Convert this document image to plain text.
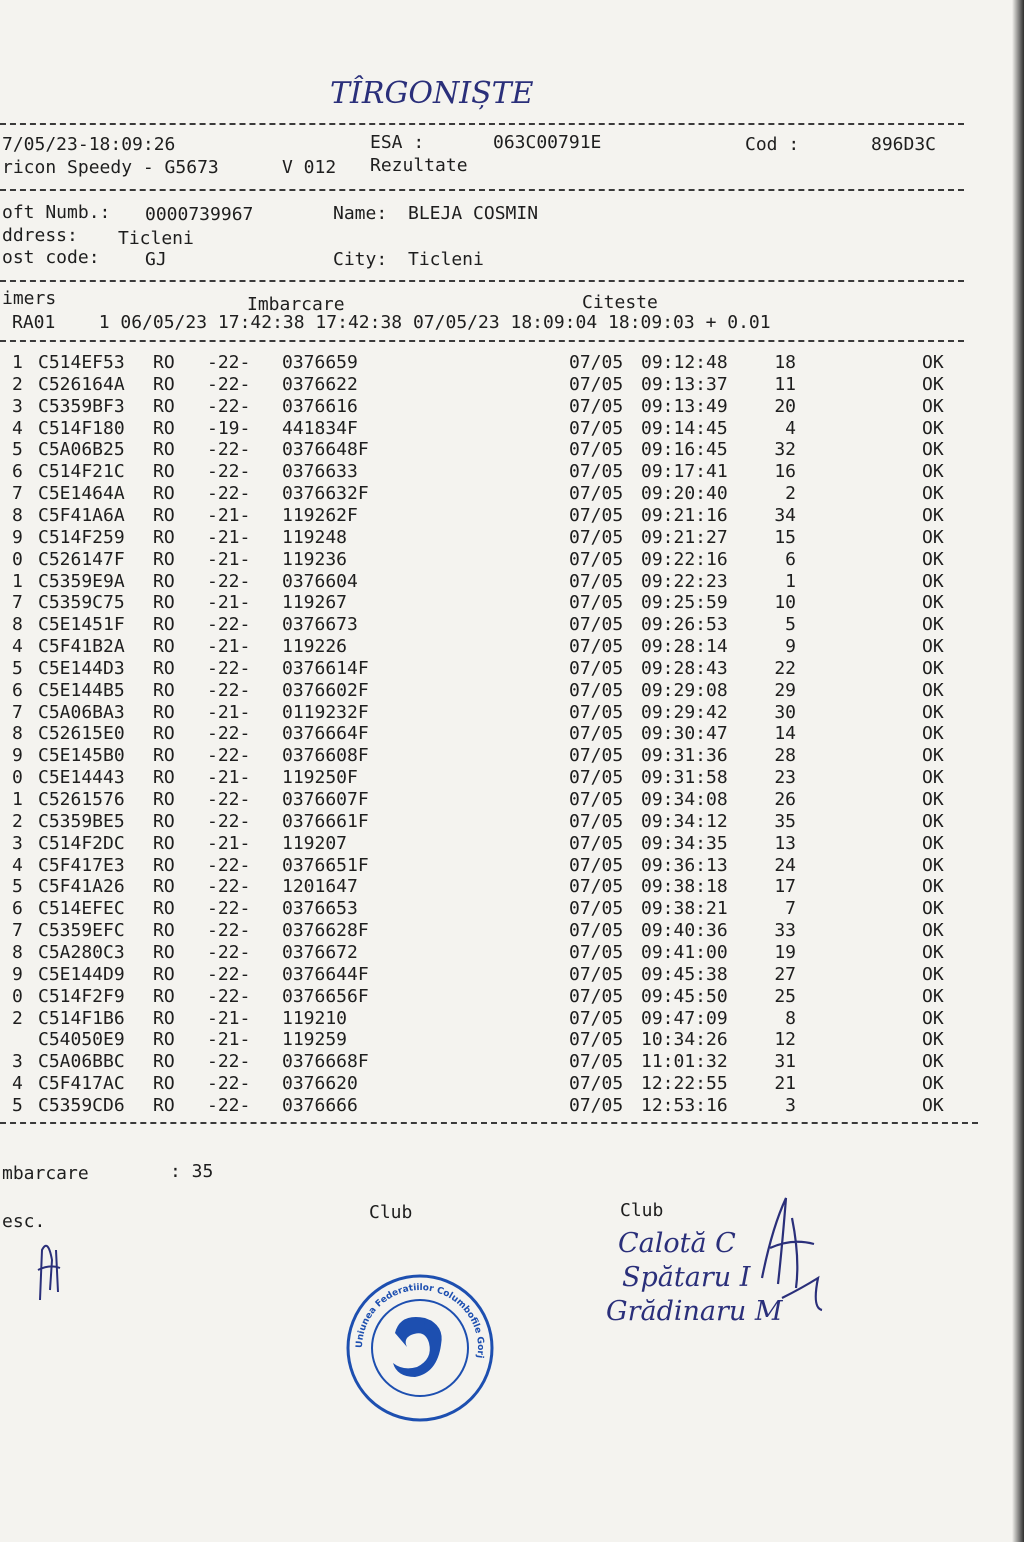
TÎRGONIȘTE
7/05/23-18:09:26	ESA :	063C00791E	Cod :	896D3C
ricon Speedy - G5673	V 012 Rezultate
oft Numb.: 0000739967	Name: BLEJA COSMIN
ddress: Ticleni
ost code:	GJ	City: Ticleni
imers	Imbarcare	Citeste
RA01    1 06/05/23 17:42:38 17:42:38 07/05/23 18:09:04 18:09:03 + 0.01
1 C514EF53 RO -22- 0376659	07/05 09:12:48	18	OK
2 C526164A RO -22- 0376622	07/05 09:13:37	11	OK
3 C5359BF3 RO -22- 0376616	07/05 09:13:49	20	OK
4 C514F180 RO -19- 441834F	07/05 09:14:45	4	OK
5 C5A06B25 RO -22- 0376648F	07/05 09:16:45	32	OK
6 C514F21C RO -22- 0376633	07/05 09:17:41	16	OK
7 C5E1464A RO -22- 0376632F	07/05 09:20:40	2	OK
8 C5F41A6A RO -21- 119262F	07/05 09:21:16	34	OK
9 C514F259 RO -21- 119248	07/05 09:21:27	15	OK
0 C526147F RO -21- 119236	07/05 09:22:16	6	OK
1 C5359E9A RO -22- 0376604	07/05 09:22:23	1	OK
7 C5359C75 RO -21- 119267	07/05 09:25:59	10	OK
8 C5E1451F RO -22- 0376673	07/05 09:26:53	5	OK
4 C5F41B2A RO -21- 119226	07/05 09:28:14	9	OK
5 C5E144D3 RO -22- 0376614F	07/05 09:28:43	22	OK
6 C5E144B5 RO -22- 0376602F	07/05 09:29:08	29	OK
7 C5A06BA3 RO -21- 0119232F	07/05 09:29:42	30	OK
8 C52615E0 RO -22- 0376664F	07/05 09:30:47	14	OK
9 C5E145B0 RO -22- 0376608F	07/05 09:31:36	28	OK
0 C5E14443 RO -21- 119250F	07/05 09:31:58	23	OK
1 C5261576 RO -22- 0376607F	07/05 09:34:08	26	OK
2 C5359BE5 RO -22- 0376661F	07/05 09:34:12	35	OK
3 C514F2DC RO -21- 119207	07/05 09:34:35	13	OK
4 C5F417E3 RO -22- 0376651F	07/05 09:36:13	24	OK
5 C5F41A26 RO -22- 1201647	07/05 09:38:18	17	OK
6 C514EFEC RO -22- 0376653	07/05 09:38:21	7	OK
7 C5359EFC RO -22- 0376628F	07/05 09:40:36	33	OK
8 C5A280C3 RO -22- 0376672	07/05 09:41:00	19	OK
9 C5E144D9 RO -22- 0376644F	07/05 09:45:38	27	OK
0 C514F2F9 RO -22- 0376656F	07/05 09:45:50	25	OK
2 C514F1B6 RO -21- 119210	07/05 09:47:09	8	OK
C54050E9 RO -21- 119259	07/05 10:34:26	12	OK
3 C5A06BBC RO -22- 0376668F	07/05 11:01:32	31	OK
4 C5F417AC RO -22- 0376620	07/05 12:22:55	21	OK
5 C5359CD6 RO -22- 0376666	07/05 12:53:16	3	OK
mbarcare	: 35
esc.	Club	Club
Calotă C
Spătaru I
Grădinaru M
Uniunea Federatiilor Columbofile Gorj
